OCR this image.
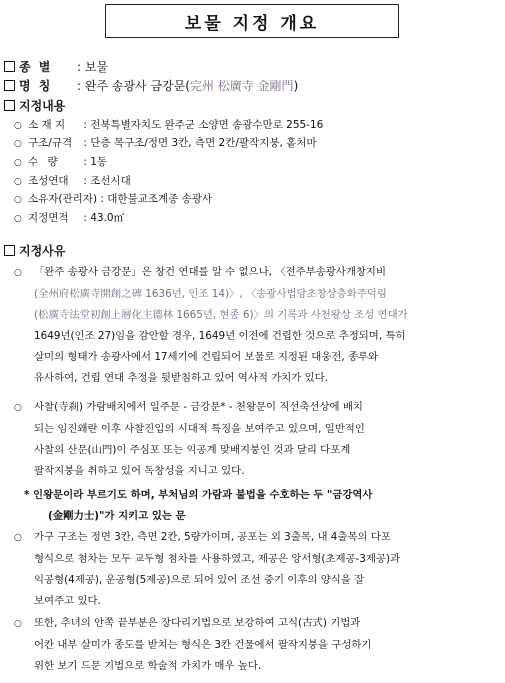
보물 지정 개요
종 별 : 보물
명 칭 : 완주 송광사 금강문(完州 松廣寺 金剛門)
지정내용
○ 소 재 지 : 전북특별자치도 완주군 소양면 송광수만로 255-16
○ 구조/규격 : 단층 목구조/정면 3칸, 측면 2칸/팔작지붕, 홑처마
○ 수 량 : 1동
○ 조성연대 : 조선시대
○ 소유자(관리자) : 대한불교조계종 송광사
○ 지정면적 : 43.0㎡
지정사유
○ 「완주 송광사 금강문」은 창건 연대를 알 수 없으나, 〈전주부송광사개창지비
(全州府松廣寺開創之碑 1636년, 인조 14)〉, 〈송광사법당초창상층화주덕림
(松廣寺法堂初創上層化主德林 1665년, 현종 6)〉의 기록과 사천왕상 조성 연대가
1649년(인조 27)임을 감안할 경우, 1649년 이전에 건립한 것으로 추정되며, 특히
살미의 형태가 송광사에서 17세기에 건립되어 보물로 지정된 대웅전, 종루와
유사하여, 건립 연대 추정을 뒷받침하고 있어 역사적 가치가 있다.
○ 사찰(寺刹) 가람배치에서 일주문 - 금강문* - 천왕문이 직선축선상에 배치
되는 임진왜란 이후 사찰진입의 시대적 특징을 보여주고 있으며, 일반적인
사찰의 산문(山門)이 주심포 또는 익공계 맞배지붕인 것과 달리 다포계
팔작지붕을 취하고 있어 독창성을 지니고 있다.
* 인왕문이라 부르기도 하며, 부처님의 가람과 불법을 수호하는 두 "금강역사
(金剛力士)"가 지키고 있는 문
○ 가구 구조는 정면 3칸, 측면 2칸, 5량가이며, 공포는 외 3출목, 내 4출목의 다포
형식으로 첨차는 모두 교두형 첨차를 사용하였고, 제공은 앙서형(초제공-3제공)과
익공형(4제공), 운공형(5제공)으로 되어 있어 조선 중기 이후의 양식을 잘
보여주고 있다.
○ 또한, 추녀의 안쪽 끝부분은 장다리기법으로 보강하여 고식(古式) 기법과
어칸 내부 살미가 종도를 받치는 형식은 3칸 건물에서 팔작지붕을 구성하기
위한 보기 드문 기법으로 학술적 가치가 매우 높다.
